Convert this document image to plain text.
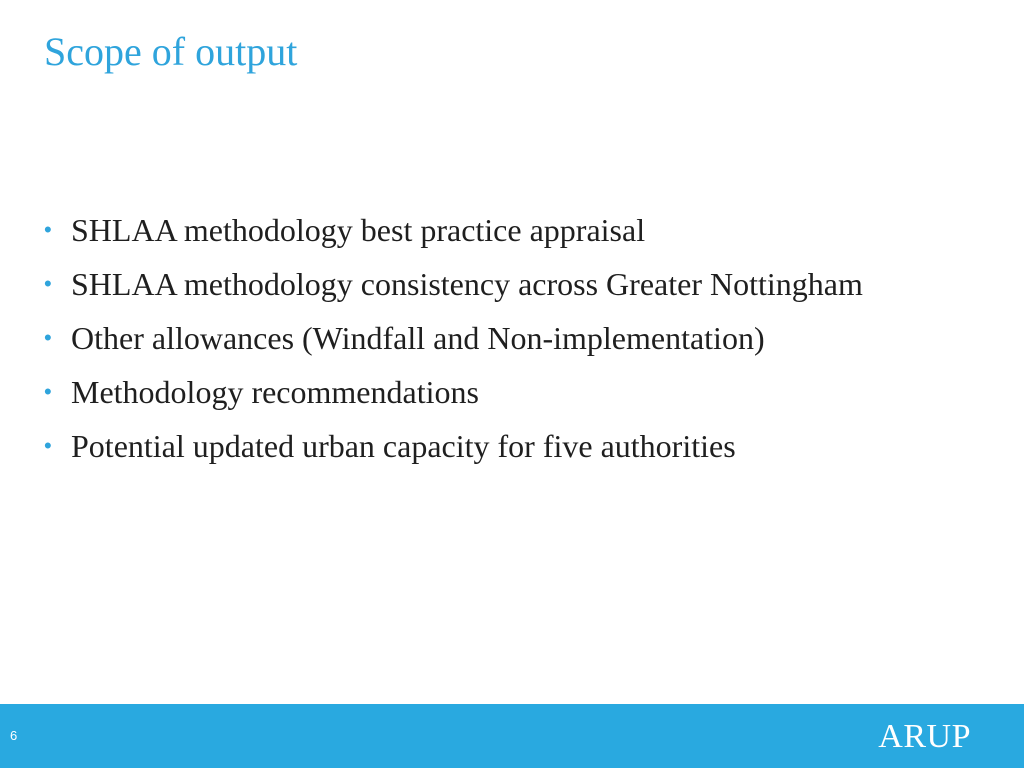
Scope of output
• SHLAA methodology best practice appraisal
• SHLAA methodology consistency across Greater Nottingham
• Other allowances (Windfall and Non-implementation)
• Methodology recommendations
• Potential updated urban capacity for five authorities
6	ARUP
